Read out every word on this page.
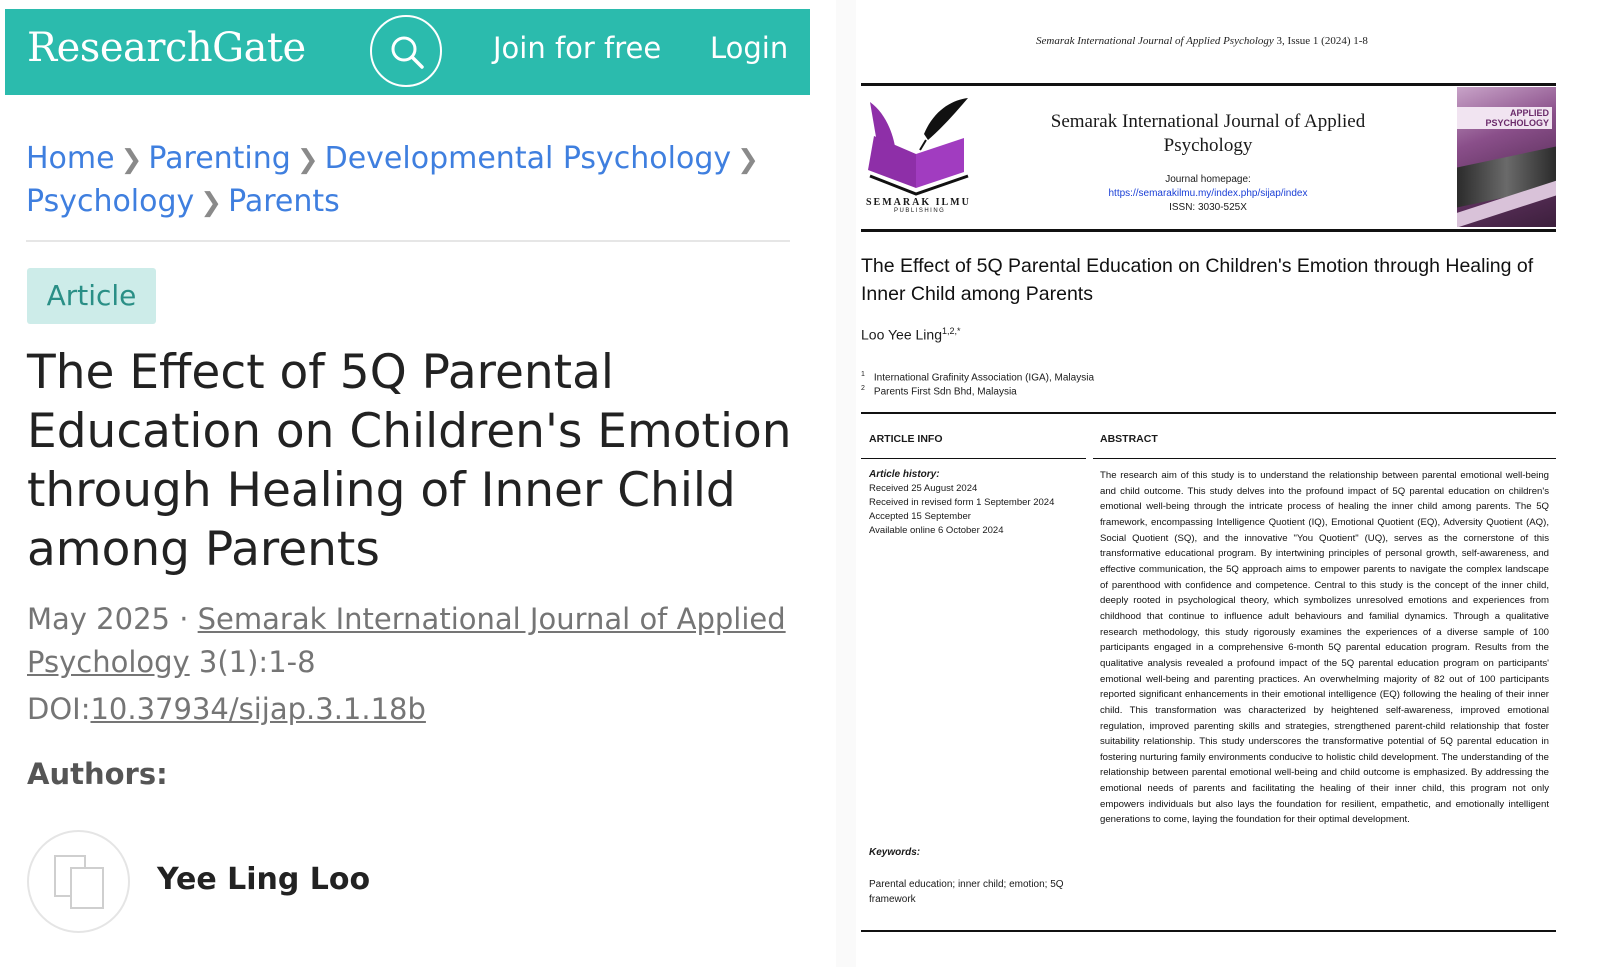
ResearchGate	Join for free Login
Home ❯ Parenting ❯ Developmental Psychology ❯
Psychology ❯ Parents
Article
The Effect of 5Q Parental Education on Children's Emotion through Healing of Inner Child among Parents
May 2025 · Semarak International Journal of Applied Psychology 3(1):1-8
DOI:10.37934/sijap.3.1.18b
Authors:
Yee Ling Loo
Semarak International Journal of Applied Psychology 3, Issue 1 (2024) 1-8
SEMARAK ILMU
PUBLISHING
Semarak International Journal of Applied Psychology
Journal homepage:
https://semarakilmu.my/index.php/sijap/index
ISSN: 3030-525X
APPLIED PSYCHOLOGY
The Effect of 5Q Parental Education on Children's Emotion through Healing of Inner Child among Parents
Loo Yee Ling$^{1,2,*}$
$^1$ International Grafinity Association (IGA), Malaysia
$^2$ Parents First Sdn Bhd, Malaysia
ARTICLE INFO	ABSTRACT
Article history:
Received 25 August 2024
Received in revised form 1 September 2024
Accepted 15 September
Available online 6 October 2024
Keywords:
Parental education; inner child; emotion; 5Q framework
The research aim of this study is to understand the relationship between parental emotional well-being and child outcome. This study delves into the profound impact of 5Q parental education on children's emotional well-being through the intricate process of healing the inner child among parents. The 5Q framework, encompassing Intelligence Quotient (IQ), Emotional Quotient (EQ), Adversity Quotient (AQ), Social Quotient (SQ), and the innovative "You Quotient" (UQ), serves as the cornerstone of this transformative educational program. By intertwining principles of personal growth, self-awareness, and effective communication, the 5Q approach aims to empower parents to navigate the complex landscape of parenthood with confidence and competence. Central to this study is the concept of the inner child, deeply rooted in psychological theory, which symbolizes unresolved emotions and experiences from childhood that continue to influence adult behaviours and familial dynamics. Through a qualitative research methodology, this study rigorously examines the experiences of a diverse sample of 100 participants engaged in a comprehensive 6-month 5Q parental education program. Results from the qualitative analysis revealed a profound impact of the 5Q parental education program on participants' emotional well-being and parenting practices. An overwhelming majority of 82 out of 100 participants reported significant enhancements in their emotional intelligence (EQ) following the healing of their inner child. This transformation was characterized by heightened self-awareness, improved emotional regulation, improved parenting skills and strategies, strengthened parent-child relationship that foster suitability relationship. This study underscores the transformative potential of 5Q parental education in fostering nurturing family environments conducive to holistic child development. The understanding of the relationship between parental emotional well-being and child outcome is emphasized. By addressing the emotional needs of parents and facilitating the healing of their inner child, this program not only empowers individuals but also lays the foundation for resilient, empathetic, and emotionally intelligent generations to come, laying the foundation for their optimal development.
